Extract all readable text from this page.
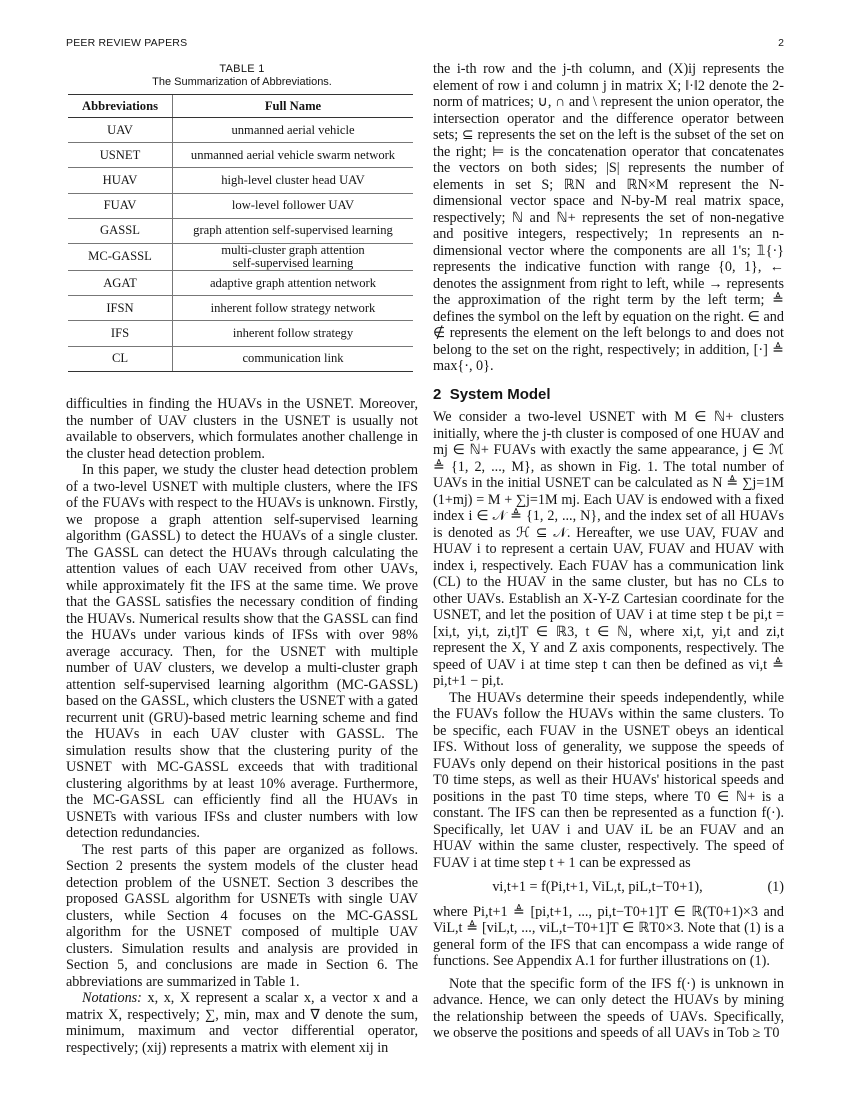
PEER REVIEW PAPERS	2
TABLE 1
The Summarization of Abbreviations.
Abbreviations	Full Name
UAV	unmanned aerial vehicle
USNET	unmanned aerial vehicle swarm network
HUAV	high-level cluster head UAV
FUAV	low-level follower UAV
GASSL	graph attention self-supervised learning
MC-GASSL	multi-cluster graph attention self-supervised learning
AGAT	adaptive graph attention network
IFSN	inherent follow strategy network
IFS	inherent follow strategy
CL	communication link

difficulties in finding the HUAVs in the USNET. Moreover, the number of UAV clusters in the USNET is usually not available to observers, which formulates another challenge in the cluster head detection problem.

In this paper, we study the cluster head detection problem of a two-level USNET with multiple clusters, where the IFS of the FUAVs with respect to the HUAVs is unknown. Firstly, we propose a graph attention self-supervised learning algorithm (GASSL) to detect the HUAVs of a single cluster. The GASSL can detect the HUAVs through calculating the attention values of each UAV received from other UAVs, while approximately fit the IFS at the same time. We prove that the GASSL satisfies the necessary condition of finding the HUAVs. Numerical results show that the GASSL can find the HUAVs under various kinds of IFSs with over 98% average accuracy. Then, for the USNET with multiple number of UAV clusters, we develop a multi-cluster graph attention self-supervised learning algorithm (MC-GASSL) based on the GASSL, which clusters the USNET with a gated recurrent unit (GRU)-based metric learning scheme and find the HUAVs in each UAV cluster with GASSL. The simulation results show that the clustering purity of the USNET with MC-GASSL exceeds that with traditional clustering algorithms by at least 10% average. Furthermore, the MC-GASSL can efficiently find all the HUAVs in USNETs with various IFSs and cluster numbers with low detection redundancies.

The rest parts of this paper are organized as follows. Section 2 presents the system models of the cluster head detection problem of the USNET. Section 3 describes the proposed GASSL algorithm for USNETs with single UAV clusters, while Section 4 focuses on the MC-GASSL algorithm for the USNET composed of multiple UAV clusters. Simulation results and analysis are provided in Section 5, and conclusions are made in Section 6. The abbreviations are summarized in Table 1.

Notations: x, x, X represent a scalar x, a vector x and a matrix X, respectively; ∑, min, max and ∇ denote the sum, minimum, maximum and vector differential operator, respectively; (xij) represents a matrix with element xij in

the i-th row and the j-th column, and (X)ij represents the element of row i and column j in matrix X; ‖·‖2 denote the 2-norm of matrices; ∪, ∩ and \ represent the union operator, the intersection operator and the difference operator between sets; ⊆ represents the set on the left is the subset of the set on the right; ⊨ is the concatenation operator that concatenates the vectors on both sides; |S| represents the number of elements in set S; ℝN and ℝN×M represent the N-dimensional vector space and N-by-M real matrix space, respectively; ℕ and ℕ+ represents the set of non-negative and positive integers, respectively; 1n represents an n-dimensional vector where the components are all 1's; 𝟙{·} represents the indicative function with range {0, 1}, ← denotes the assignment from right to left, while → represents the approximation of the right term by the left term; ≜ defines the symbol on the left by equation on the right. ∈ and ∉ represents the element on the left belongs to and does not belong to the set on the right, respectively; in addition, [·] ≜ max{·, 0}.

2 System Model

We consider a two-level USNET with M ∈ ℕ+ clusters initially, where the j-th cluster is composed of one HUAV and mj ∈ ℕ+ FUAVs with exactly the same appearance, j ∈ ℳ ≜ {1, 2, ..., M}, as shown in Fig. 1. The total number of UAVs in the initial USNET can be calculated as N ≜ ∑j=1M (1+mj) = M + ∑j=1M mj. Each UAV is endowed with a fixed index i ∈ 𝒩 ≜ {1, 2, ..., N}, and the index set of all HUAVs is denoted as ℋ ⊆ 𝒩. Hereafter, we use UAV, FUAV and HUAV i to represent a certain UAV, FUAV and HUAV with index i, respectively. Each FUAV has a communication link (CL) to the HUAV in the same cluster, but has no CLs to other UAVs. Establish an X-Y-Z Cartesian coordinate for the USNET, and let the position of UAV i at time step t be pi,t = [xi,t, yi,t, zi,t]T ∈ ℝ3, t ∈ ℕ, where xi,t, yi,t and zi,t represent the X, Y and Z axis components, respectively. The speed of UAV i at time step t can then be defined as vi,t ≜ pi,t+1 − pi,t.

The HUAVs determine their speeds independently, while the FUAVs follow the HUAVs within the same clusters. To be specific, each FUAV in the USNET obeys an identical IFS. Without loss of generality, we suppose the speeds of FUAVs only depend on their historical positions in the past T0 time steps, as well as their HUAVs' historical speeds and positions in the past T0 time steps, where T0 ∈ ℕ+ is a constant. The IFS can then be represented as a function f(·). Specifically, let UAV i and UAV iL be an FUAV and an HUAV within the same cluster, respectively. The speed of FUAV i at time step t + 1 can be expressed as

vi,t+1 = f(Pi,t+1, ViL,t, piL,t−T0+1),	(1)

where Pi,t+1 ≜ [pi,t+1, ..., pi,t−T0+1]T ∈ ℝ(T0+1)×3 and ViL,t ≜ [viL,t, ..., viL,t−T0+1]T ∈ ℝT0×3. Note that (1) is a general form of the IFS that can encompass a wide range of functions. See Appendix A.1 for further illustrations on (1).

Note that the specific form of the IFS f(·) is unknown in advance. Hence, we can only detect the HUAVs by mining the relationship between the speeds of UAVs. Specifically, we observe the positions and speeds of all UAVs in Tob ≥ T0
